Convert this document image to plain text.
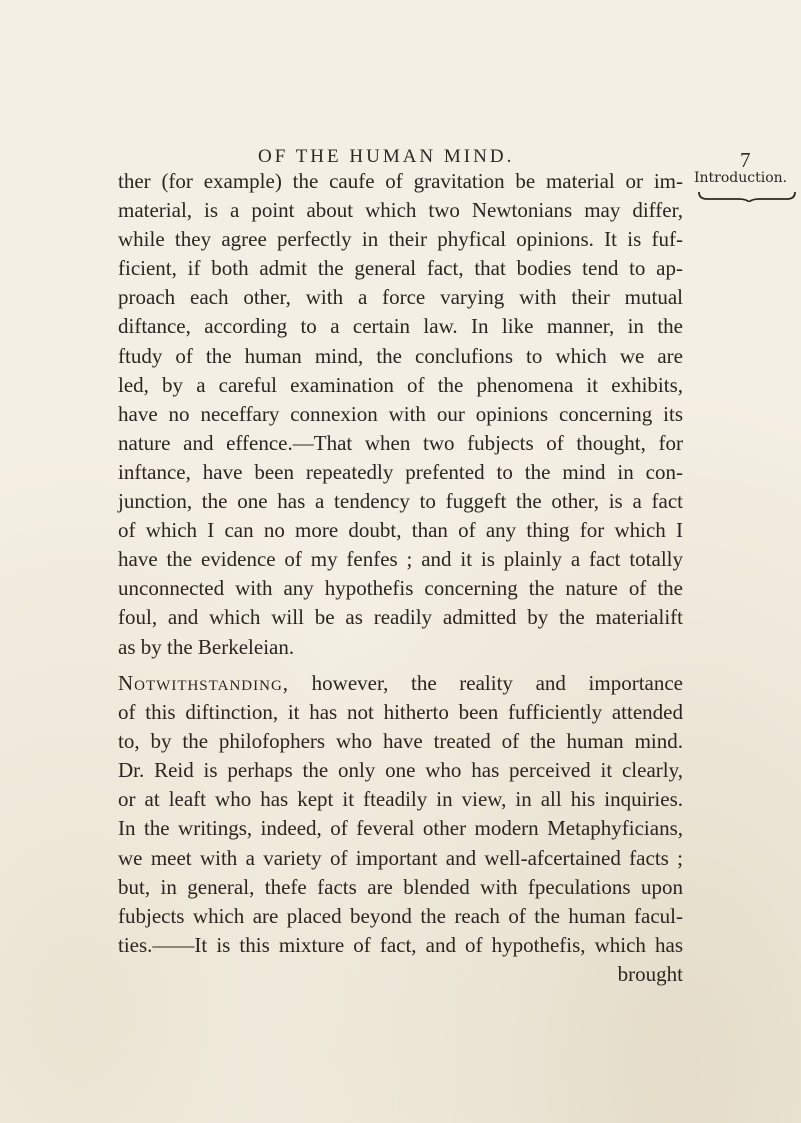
OF THE HUMAN MIND.	7
Introduction.
ther (for example) the caufe of gravitation be material or im-
material, is a point about which two Newtonians may differ,
while they agree perfectly in their phyfical opinions. It is fuf-
ficient, if both admit the general fact, that bodies tend to ap-
proach each other, with a force varying with their mutual
diftance, according to a certain law. In like manner, in the
ftudy of the human mind, the conclufions to which we are
led, by a careful examination of the phenomena it exhibits,
have no neceffary connexion with our opinions concerning its
nature and effence.—That when two fubjects of thought, for
inftance, have been repeatedly prefented to the mind in con-
junction, the one has a tendency to fuggeft the other, is a fact
of which I can no more doubt, than of any thing for which I
have the evidence of my fenfes ; and it is plainly a fact totally
unconnected with any hypothefis concerning the nature of the
foul, and which will be as readily admitted by the materialift
as by the Berkeleian.
Notwithstanding, however, the reality and importance
of this diftinction, it has not hitherto been fufficiently attended
to, by the philofophers who have treated of the human mind.
Dr. Reid is perhaps the only one who has perceived it clearly,
or at leaft who has kept it fteadily in view, in all his inquiries.
In the writings, indeed, of feveral other modern Metaphyficians,
we meet with a variety of important and well-afcertained facts ;
but, in general, thefe facts are blended with fpeculations upon
fubjects which are placed beyond the reach of the human facul-
ties.——It is this mixture of fact, and of hypothefis, which has
brought
